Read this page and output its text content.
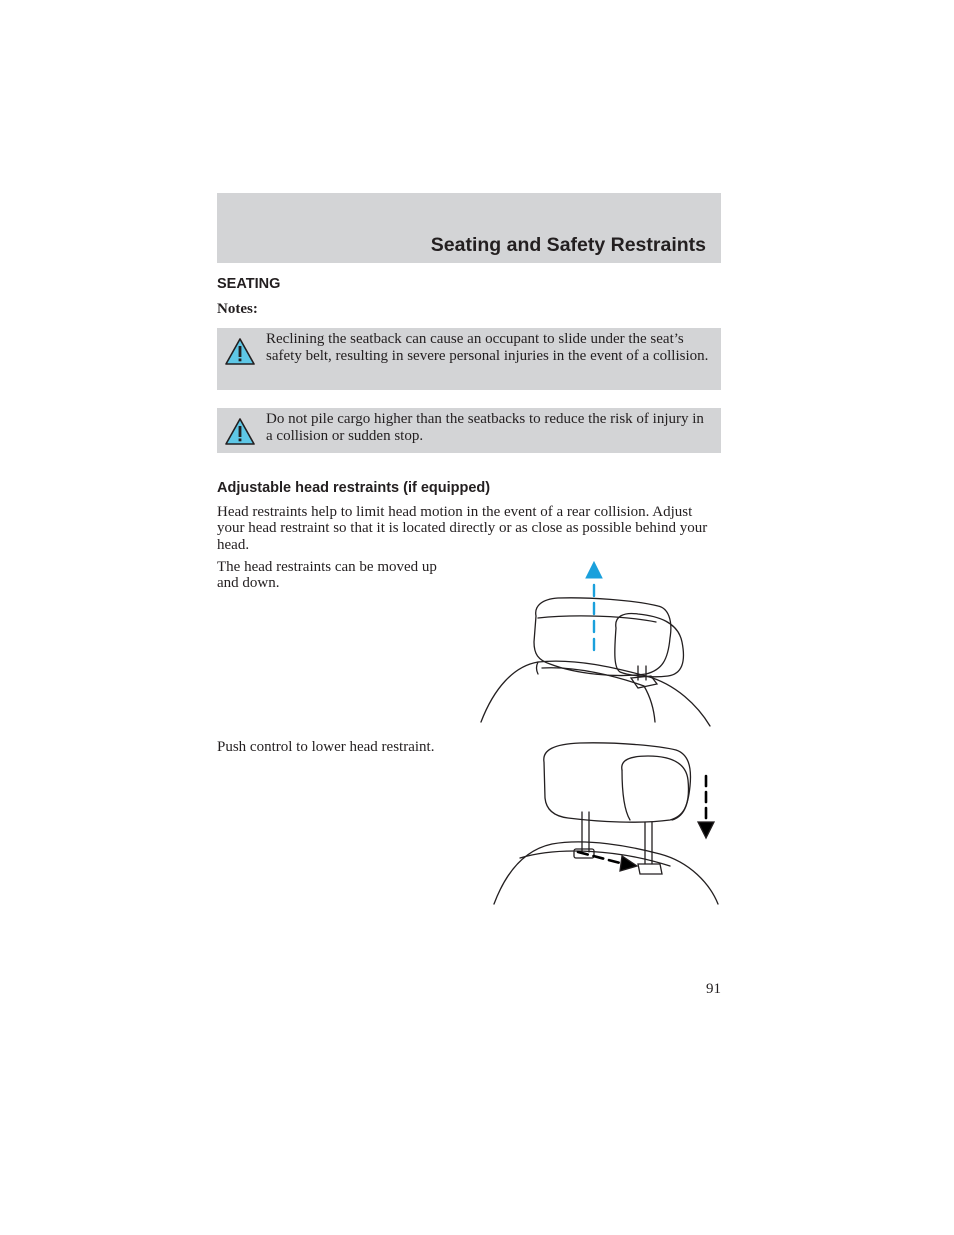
Seating and Safety Restraints
SEATING
Notes:
Reclining the seatback can cause an occupant to slide under the seat’s safety belt, resulting in severe personal injuries in the event of a collision.
Do not pile cargo higher than the seatbacks to reduce the risk of injury in a collision or sudden stop.
Adjustable head restraints (if equipped)
Head restraints help to limit head motion in the event of a rear collision. Adjust your head restraint so that it is located directly or as close as possible behind your head.
The head restraints can be moved up and down.
Push control to lower head restraint.
91
